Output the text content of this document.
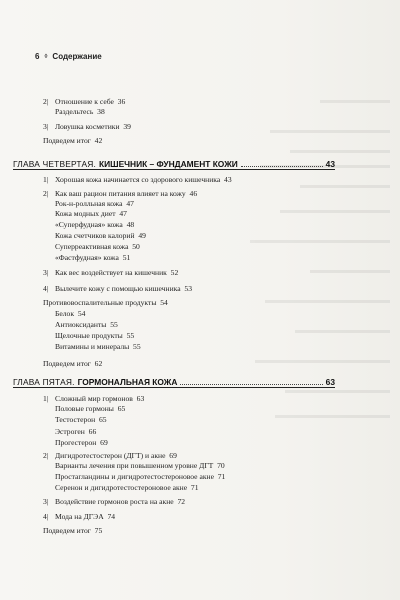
6 ◊ Содержание
2| Отношение к себе 36
Раздельтесь 38
3| Ловушка косметики 39
Подведем итог 42
ГЛАВА ЧЕТВЕРТАЯ. КИШЕЧНИК – ФУНДАМЕНТ КОЖИ	43
1| Хорошая кожа начинается со здорового кишечника 43
2| Как ваш рацион питания влияет на кожу 46
Рок-н-ролльная кожа 47
Кожа модных диет 47
«Суперфудная» кожа 48
Кожа счетчиков калорий 49
Суперреактивная кожа 50
«Фастфудная» кожа 51
3| Как вес воздействует на кишечник 52
4| Вылечите кожу с помощью кишечника 53
Противовоспалительные продукты 54
Белок 54
Антиоксиданты 55
Щелочные продукты 55
Витамины и минералы 55
Подведем итог 62
ГЛАВА ПЯТАЯ. ГОРМОНАЛЬНАЯ КОЖА	63
1| Сложный мир гормонов 63
Половые гормоны 65
Тестостерон 65
Эстроген 66
Прогестерон 69
2| Дигидротестостерон (ДГТ) и акне 69
Варианты лечения при повышенном уровне ДГТ 70
Простагландины и дигидротестостероновое акне 71
Серенон и дигидротестостероновое акне 71
3| Воздействие гормонов роста на акне 72
4| Мода на ДГЭА 74
Подведем итог 75
